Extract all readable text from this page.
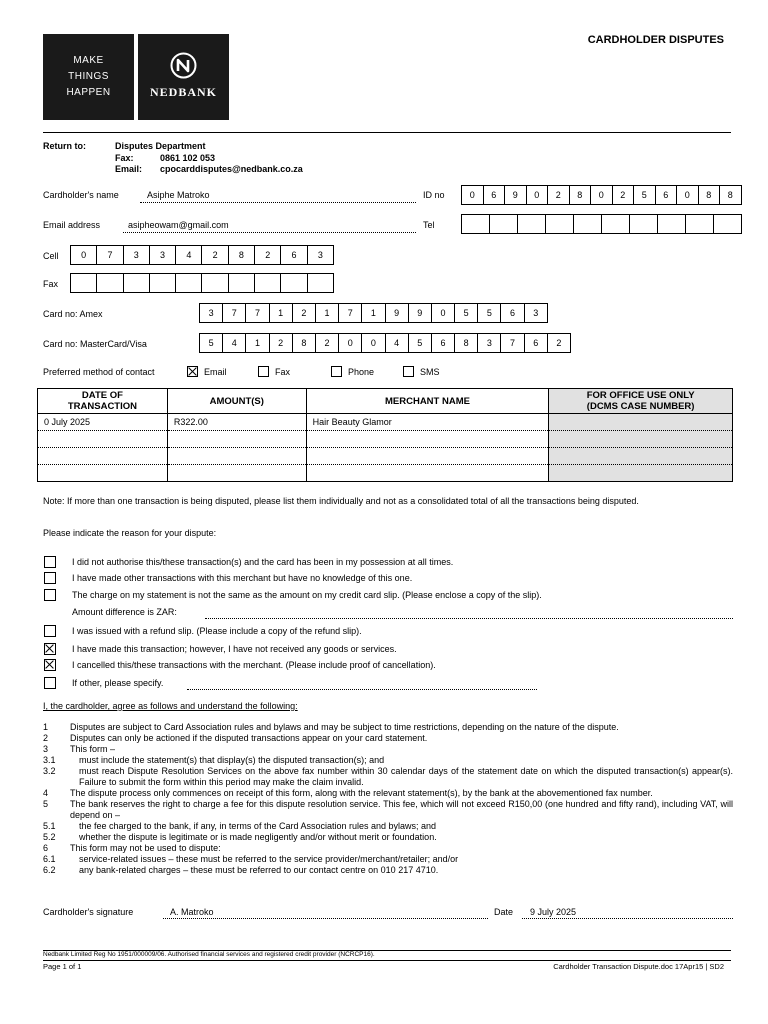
MAKE
THINGS
HAPPEN	NEDBANK
CARDHOLDER DISPUTES
Return to:	Disputes Department
Fax:	0861 102 053
Email: cpocarddisputes@nedbank.co.za
Cardholder's name	Asiphe Matroko	ID no	0	6	9	0	2	8	0	2	5	6	0	8	8
Email address	asipheowam@gmail.com	Tel
Cell	0	7	3	3	4	2	8	2	6	3
Fax
Card no: Amex	3	7	7	1	2	1	7	1	9	9	0	5	5	6	3
Card no: MasterCard/Visa	5	4	1	2	8	2	0	0	4	5	6	8	3	7	6	2
Preferred method of contact	Email	Fax	Phone	SMS
DATE OF
TRANSACTION	AMOUNT(S)	MERCHANT NAME	FOR OFFICE USE ONLY
(DCMS CASE NUMBER)
0 July 2025	R322.00	Hair Beauty Glamor	

Note: If more than one transaction is being disputed, please list them individually and not as a consolidated total of all the transactions being disputed.
Please indicate the reason for your dispute:
I did not authorise this/these transaction(s) and the card has been in my possession at all times.
I have made other transactions with this merchant but have no knowledge of this one.
The charge on my statement is not the same as the amount on my credit card slip. (Please enclose a copy of the slip).
I was issued with a refund slip. (Please include a copy of the refund slip).
I have made this transaction; however, I have not received any goods or services.
I cancelled this/these transactions with the merchant. (Please include proof of cancellation).
If other, please specify.
Amount difference is ZAR:
I, the cardholder, agree as follows and understand the following:
1	Disputes are subject to Card Association rules and bylaws and may be subject to time restrictions, depending on the nature of the dispute.
2	Disputes can only be actioned if the disputed transactions appear on your card statement.
3	This form –
3.1	must include the statement(s) that display(s) the disputed transaction(s); and
3.2	must reach Dispute Resolution Services on the above fax number within 30 calendar days of the statement date on which the disputed transaction(s) appear(s). Failure to submit the form within this period may make the claim invalid.
4	The dispute process only commences on receipt of this form, along with the relevant statement(s), by the bank at the abovementioned fax number.
5	The bank reserves the right to charge a fee for this dispute resolution service. This fee, which will not exceed R150,00 (one hundred and fifty rand), including VAT, will depend on –
5.1	the fee charged to the bank, if any, in terms of the Card Association rules and bylaws; and
5.2	whether the dispute is legitimate or is made negligently and/or without merit or foundation.
6	This form may not be used to dispute:
6.1	service-related issues – these must be referred to the service provider/merchant/retailer; and/or
6.2	any bank-related charges – these must be referred to our contact centre on 010 217 4710.
Cardholder's signature	A. Matroko	Date 9 July 2025
Nedbank Limited Reg No 1951/000009/06. Authorised financial services and registered credit provider (NCRCP16).
Page 1 of 1	Cardholder Transaction Dispute.doc 17Apr15 | SD2
